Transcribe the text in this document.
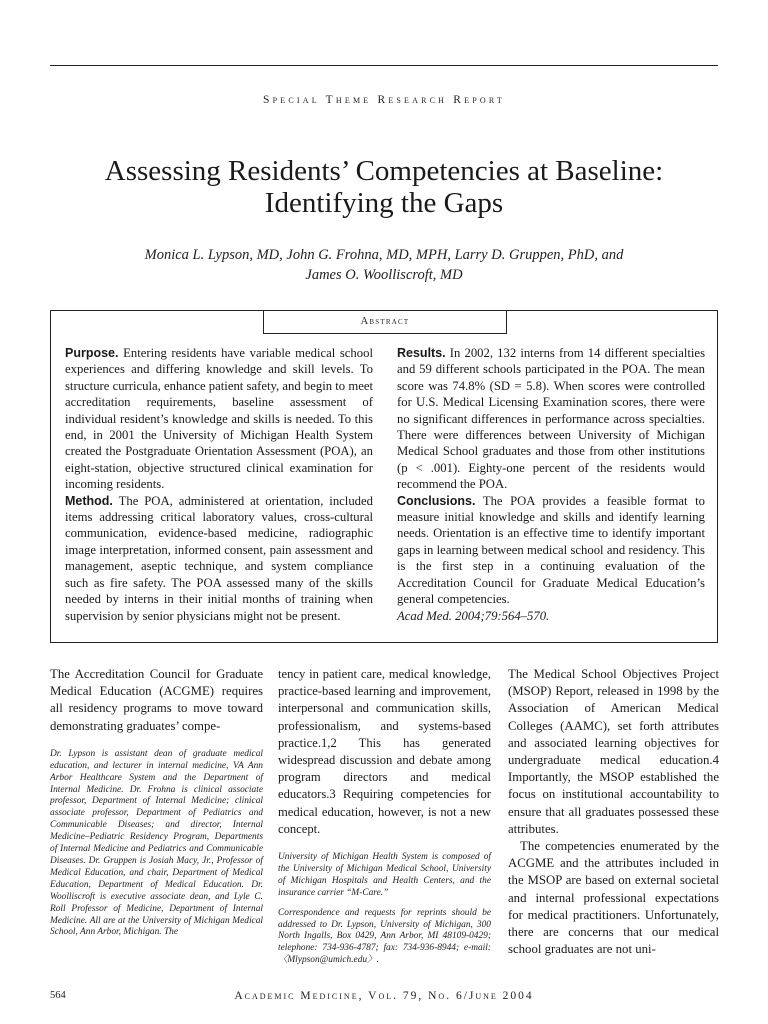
Special Theme Research Report
Assessing Residents’ Competencies at Baseline:
Identifying the Gaps
Monica L. Lypson, MD, John G. Frohna, MD, MPH, Larry D. Gruppen, PhD, and
James O. Woolliscroft, MD
Abstract

Purpose. Entering residents have variable medical school experiences and differing knowledge and skill levels. To structure curricula, enhance patient safety, and begin to meet accreditation requirements, baseline assessment of individual resident’s knowledge and skills is needed. To this end, in 2001 the University of Michigan Health System created the Postgraduate Orientation Assessment (POA), an eight-station, objective structured clinical examination for incoming residents.

Method. The POA, administered at orientation, included items addressing critical laboratory values, cross-cultural communication, evidence-based medicine, radiographic image interpretation, informed consent, pain assessment and management, aseptic technique, and system compliance such as fire safety. The POA assessed many of the skills needed by interns in their initial months of training when supervision by senior physicians might not be present.

Results. In 2002, 132 interns from 14 different specialties and 59 different schools participated in the POA. The mean score was 74.8% (SD = 5.8). When scores were controlled for U.S. Medical Licensing Examination scores, there were no significant differences in performance across specialties. There were differences between University of Michigan Medical School graduates and those from other institutions (p < .001). Eighty-one percent of the residents would recommend the POA.

Conclusions. The POA provides a feasible format to measure initial knowledge and skills and identify learning needs. Orientation is an effective time to identify important gaps in learning between medical school and residency. This is the first step in a continuing evaluation of the Accreditation Council for Graduate Medical Education’s general competencies.

Acad Med. 2004;79:564–570.

The Accreditation Council for Graduate Medical Education (ACGME) requires all residency programs to move toward demonstrating graduates’ compe-

Dr. Lypson is assistant dean of graduate medical education, and lecturer in internal medicine, VA Ann Arbor Healthcare System and the Department of Internal Medicine. Dr. Frohna is clinical associate professor, Department of Internal Medicine; clinical associate professor, Department of Pediatrics and Communicable Diseases; and director, Internal Medicine–Pediatric Residency Program, Departments of Internal Medicine and Pediatrics and Communicable Diseases. Dr. Gruppen is Josiah Macy, Jr., Professor of Medical Education, and chair, Department of Medical Education, Department of Medical Education. Dr. Woolliscroft is executive associate dean, and Lyle C. Roll Professor of Medicine, Department of Internal Medicine. All are at the University of Michigan Medical School, Ann Arbor, Michigan. The

tency in patient care, medical knowledge, practice-based learning and improvement, interpersonal and communication skills, professionalism, and systems-based practice.1,2 This has generated widespread discussion and debate among program directors and medical educators.3 Requiring competencies for medical education, however, is not a new concept.

University of Michigan Health System is composed of the University of Michigan Medical School, University of Michigan Hospitals and Health Centers, and the insurance carrier “M-Care.”

Correspondence and requests for reprints should be addressed to Dr. Lypson, University of Michigan, 300 North Ingalls, Box 0429, Ann Arbor, MI 48109-0429; telephone: 734-936-4787; fax: 734-936-8944; e-mail: 〈Mlypson@umich.edu〉.

The Medical School Objectives Project (MSOP) Report, released in 1998 by the Association of American Medical Colleges (AAMC), set forth attributes and associated learning objectives for undergraduate medical education.4 Importantly, the MSOP established the focus on institutional accountability to ensure that all graduates possessed these attributes.

The competencies enumerated by the ACGME and the attributes included in the MSOP are based on external societal and internal professional expectations for medical practitioners. Unfortunately, there are concerns that our medical school graduates are not uni-

564	Academic Medicine, Vol. 79, No. 6/June 2004
